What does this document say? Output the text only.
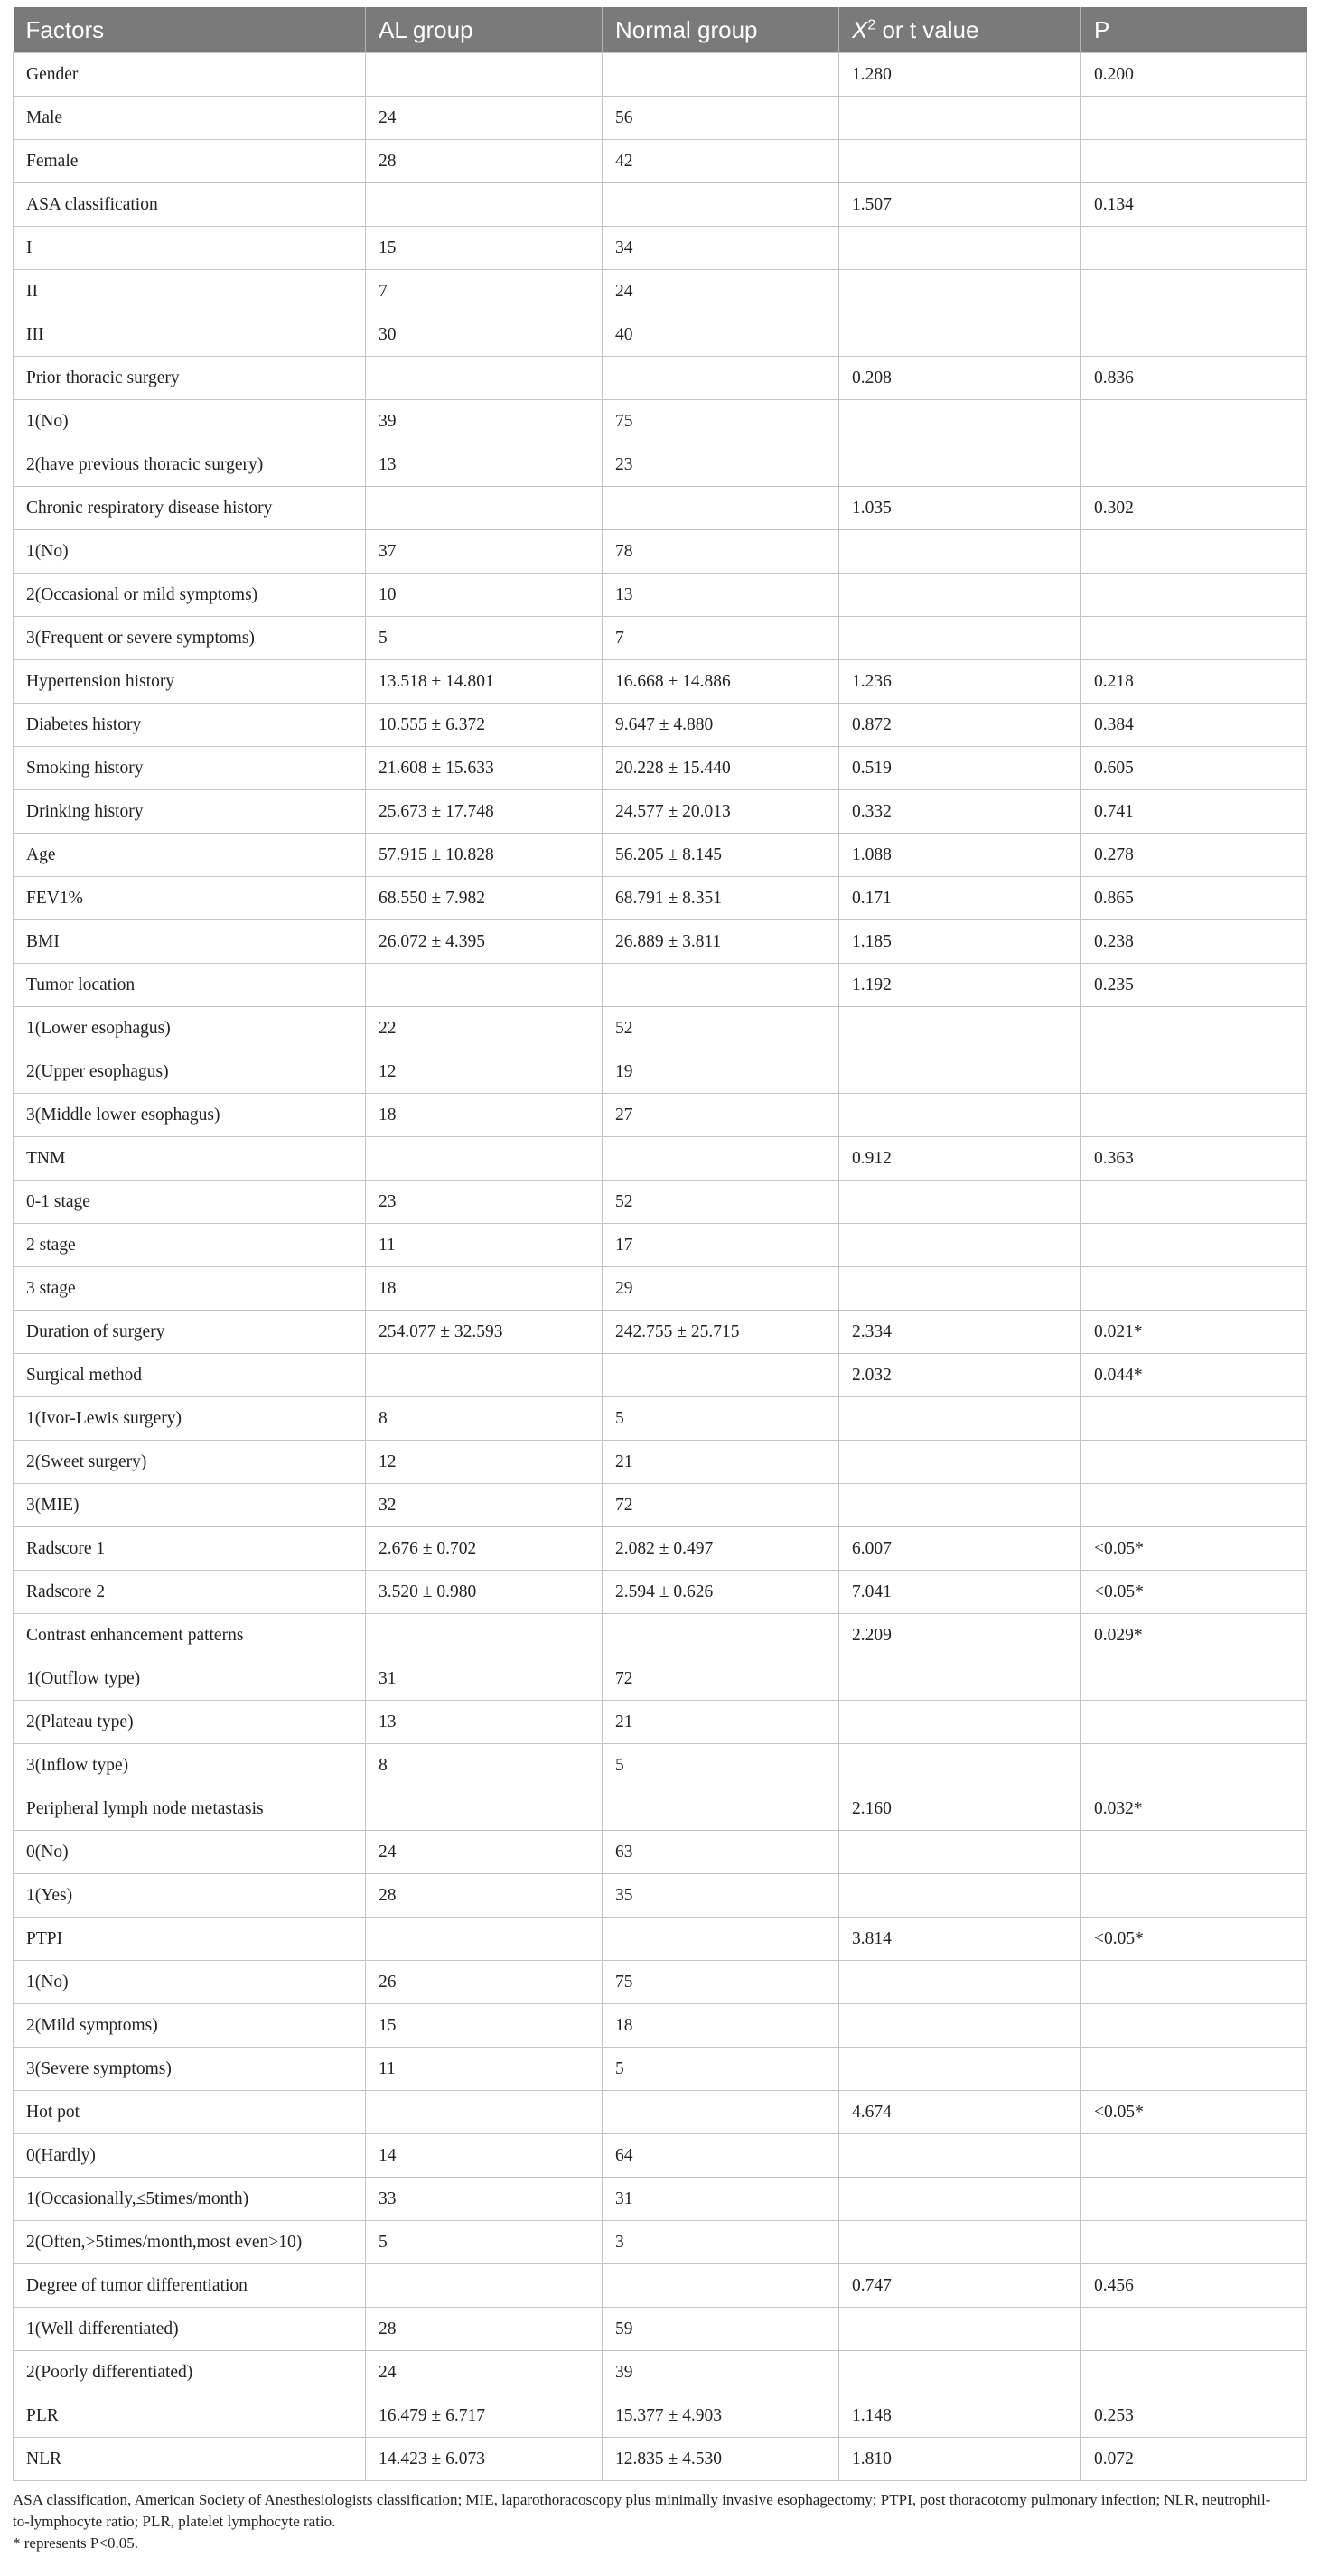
Factors	AL group	Normal group	$X^2$ or t value	P
Gender			1.280	0.200
Male	24	56		
Female	28	42		
ASA classification			1.507	0.134
I	15	34		
II	7	24		
III	30	40		
Prior thoracic surgery			0.208	0.836
1(No)	39	75		
2(have previous thoracic surgery)	13	23		
Chronic respiratory disease history			1.035	0.302
1(No)	37	78		
2(Occasional or mild symptoms)	10	13		
3(Frequent or severe symptoms)	5	7		
Hypertension history	13.518 ± 14.801	16.668 ± 14.886	1.236	0.218
Diabetes history	10.555 ± 6.372	9.647 ± 4.880	0.872	0.384
Smoking history	21.608 ± 15.633	20.228 ± 15.440	0.519	0.605
Drinking history	25.673 ± 17.748	24.577 ± 20.013	0.332	0.741
Age	57.915 ± 10.828	56.205 ± 8.145	1.088	0.278
FEV1%	68.550 ± 7.982	68.791 ± 8.351	0.171	0.865
BMI	26.072 ± 4.395	26.889 ± 3.811	1.185	0.238
Tumor location			1.192	0.235
1(Lower esophagus)	22	52		
2(Upper esophagus)	12	19		
3(Middle lower esophagus)	18	27		
TNM			0.912	0.363
0-1 stage	23	52		
2 stage	11	17		
3 stage	18	29		
Duration of surgery	254.077 ± 32.593	242.755 ± 25.715	2.334	0.021*
Surgical method			2.032	0.044*
1(Ivor-Lewis surgery)	8	5		
2(Sweet surgery)	12	21		
3(MIE)	32	72		
Radscore 1	2.676 ± 0.702	2.082 ± 0.497	6.007	<0.05*
Radscore 2	3.520 ± 0.980	2.594 ± 0.626	7.041	<0.05*
Contrast enhancement patterns			2.209	0.029*
1(Outflow type)	31	72		
2(Plateau type)	13	21		
3(Inflow type)	8	5		
Peripheral lymph node metastasis			2.160	0.032*
0(No)	24	63		
1(Yes)	28	35		
PTPI			3.814	<0.05*
1(No)	26	75		
2(Mild symptoms)	15	18		
3(Severe symptoms)	11	5		
Hot pot			4.674	<0.05*
0(Hardly)	14	64		
1(Occasionally,≤5times/month)	33	31		
2(Often,>5times/month,most even>10)	5	3		
Degree of tumor differentiation			0.747	0.456
1(Well differentiated)	28	59		
2(Poorly differentiated)	24	39		
PLR	16.479 ± 6.717	15.377 ± 4.903	1.148	0.253
NLR	14.423 ± 6.073	12.835 ± 4.530	1.810	0.072

ASA classification, American Society of Anesthesiologists classification; MIE, laparothoracoscopy plus minimally invasive esophagectomy; PTPI, post thoracotomy pulmonary infection; NLR, neutrophil-to-lymphocyte ratio; PLR, platelet lymphocyte ratio.

* represents P<0.05.
